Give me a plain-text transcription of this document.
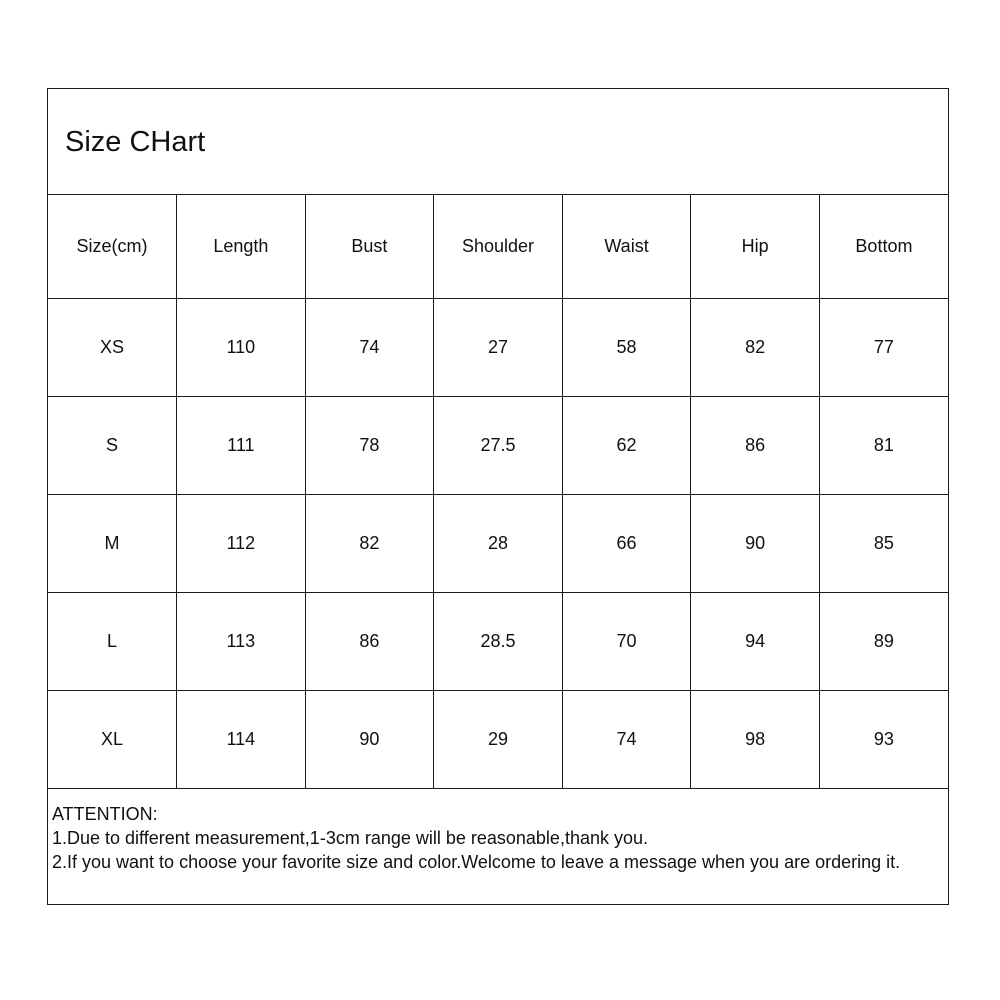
Size CHart
Size(cm)	Length	Bust	Shoulder	Waist	Hip	Bottom
XS	110	74	27	58	82	77
S	111	78	27.5	62	86	81
M	112	82	28	66	90	85
L	113	86	28.5	70	94	89
XL	114	90	29	74	98	93
ATTENTION:
1.Due to different measurement,1-3cm range will be reasonable,thank you.
2.If you want to choose your favorite size and color.Welcome to leave a message when you are ordering it.
